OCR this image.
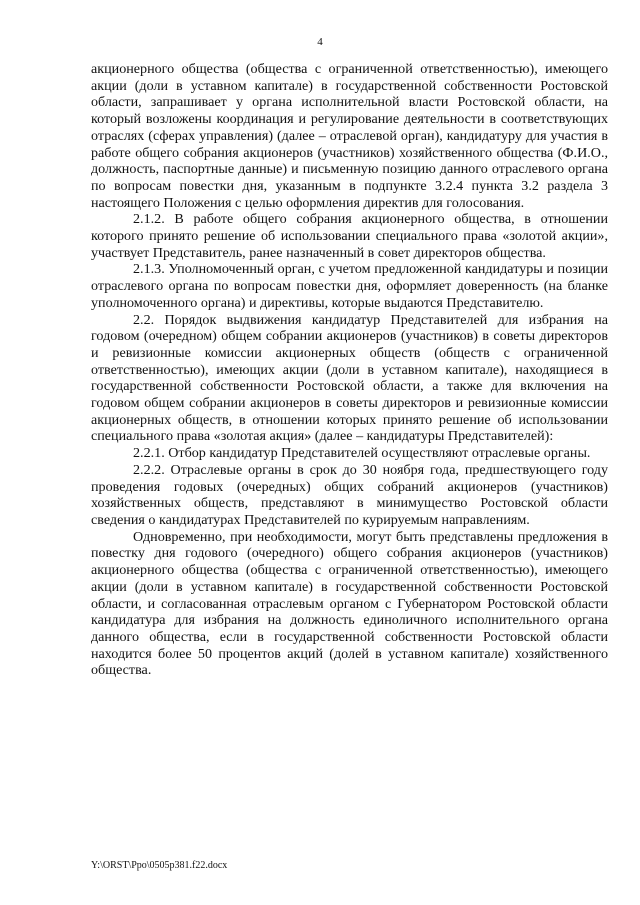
4

акционерного общества (общества с ограниченной ответственностью), имеющего акции (доли в уставном капитале) в государственной собственности Ростовской области, запрашивает у органа исполнительной власти Ростовской области, на который возложены координация и регулирование деятельности в соответствующих отраслях (сферах управления) (далее – отраслевой орган), кандидатуру для участия в работе общего собрания акционеров (участников) хозяйственного общества (Ф.И.О., должность, паспортные данные) и письменную позицию данного отраслевого органа по вопросам повестки дня, указанным в подпункте 3.2.4 пункта 3.2 раздела 3 настоящего Положения с целью оформления директив для голосования.

2.1.2. В работе общего собрания акционерного общества, в отношении которого принято решение об использовании специального права «золотой акции», участвует Представитель, ранее назначенный в совет директоров общества.

2.1.3. Уполномоченный орган, с учетом предложенной кандидатуры и позиции отраслевого органа по вопросам повестки дня, оформляет доверенность (на бланке уполномоченного органа) и директивы, которые выдаются Представителю.

2.2. Порядок выдвижения кандидатур Представителей для избрания на годовом (очередном) общем собрании акционеров (участников) в советы директоров и ревизионные комиссии акционерных обществ (обществ с ограниченной ответственностью), имеющих акции (доли в уставном капитале), находящиеся в государственной собственности Ростовской области, а также для включения на годовом общем собрании акционеров в советы директоров и ревизионные комиссии акционерных обществ, в отношении которых принято решение об использовании специального права «золотая акция» (далее – кандидатуры Представителей):

2.2.1. Отбор кандидатур Представителей осуществляют отраслевые органы.

2.2.2. Отраслевые органы в срок до 30 ноября года, предшествующего году проведения годовых (очередных) общих собраний акционеров (участников) хозяйственных обществ, представляют в минимущество Ростовской области сведения о кандидатурах Представителей по курируемым направлениям.

Одновременно, при необходимости, могут быть представлены предложения в повестку дня годового (очередного) общего собрания акционеров (участников) акционерного общества (общества с ограниченной ответственностью), имеющего акции (доли в уставном капитале) в государственной собственности Ростовской области, и согласованная отраслевым органом с Губернатором Ростовской области кандидатура для избрания на должность единоличного исполнительного органа данного общества, если в государственной собственности Ростовской области находится более 50 процентов акций (долей в уставном капитале) хозяйственного общества.

Y:\ORST\Ppo\0505p381.f22.docx
